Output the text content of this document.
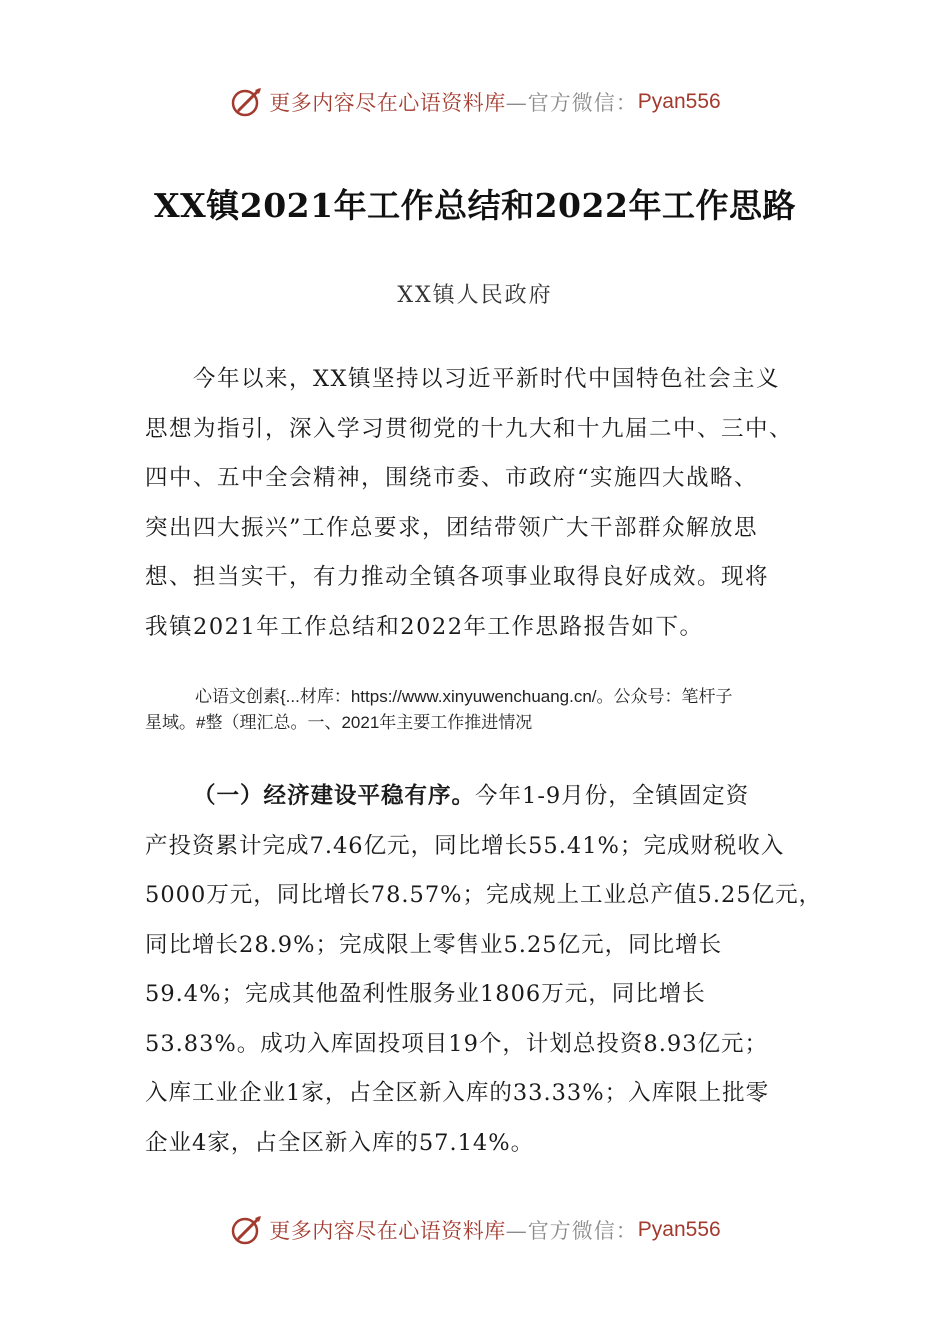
更多内容尽在心语资料库 —官方微信： Pyan556
XX镇2021年工作总结和2022年工作思路
XX镇人民政府
今年以来，XX镇坚持以习近平新时代中国特色社会主义
思想为指引，深入学习贯彻党的十九大和十九届二中、三中、
四中、五中全会精神，围绕市委、市政府“实施四大战略、
突出四大振兴”工作总要求，团结带领广大干部群众解放思
想、担当实干，有力推动全镇各项事业取得良好成效。现将
我镇2021年工作总结和2022年工作思路报告如下。
心语文创素{...材库：https://www.xinyuwenchuang.cn/。公众号：笔杆子
星域。#整（理汇总。一、2021年主要工作推进情况
（一）经济建设平稳有序。今年1-9月份，全镇固定资
产投资累计完成7.46亿元，同比增长55.41%；完成财税收入
5000万元，同比增长78.57%；完成规上工业总产值5.25亿元，
同比增长28.9%；完成限上零售业5.25亿元，同比增长
59.4%；完成其他盈利性服务业1806万元，同比增长
53.83%。成功入库固投项目19个，计划总投资8.93亿元；
入库工业企业1家，占全区新入库的33.33%；入库限上批零
企业4家，占全区新入库的57.14%。
更多内容尽在心语资料库 —官方微信： Pyan556
